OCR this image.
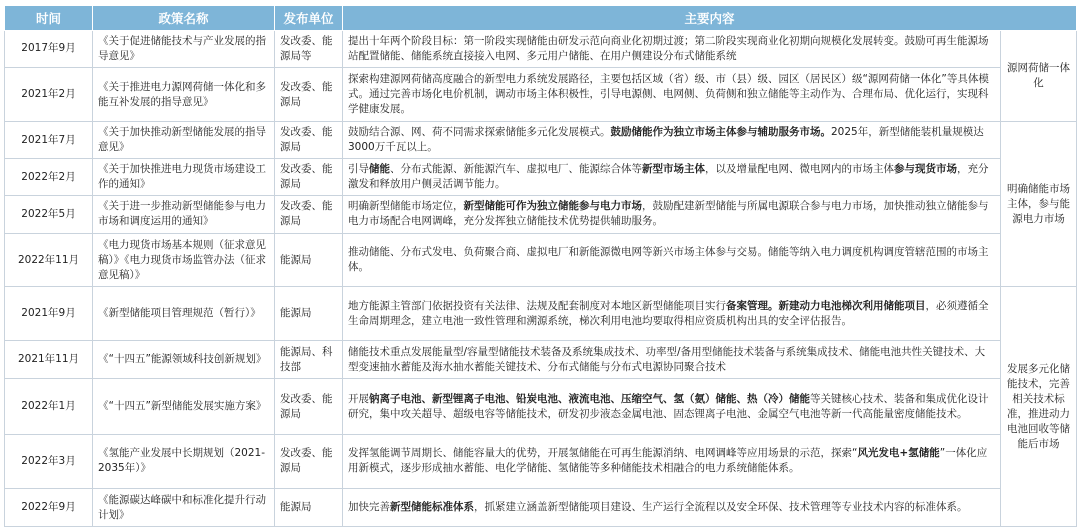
时间	政策名称	发布单位	主要内容	
2017年9月	《关于促进储能技术与产业发展的指导意见》	发改委、能源局等	提出十年两个阶段目标：第一阶段实现储能由研发示范向商业化初期过渡；第二阶段实现商业化初期向规模化发展转变。鼓励可再生能源场站配置储能、储能系统直接接入电网、多元用户储能、在用户侧建设分布式储能系统	源网荷储一体化
2021年2月	《关于推进电力源网荷储一体化和多能互补发展的指导意见》	发改委、能源局	探索构建源网荷储高度融合的新型电力系统发展路径，主要包括区域（省）级、市（县）级、园区（居民区）级“源网荷储一体化”等具体模式。通过完善市场化电价机制，调动市场主体积极性，引导电源侧、电网侧、负荷侧和独立储能等主动作为、合理布局、优化运行，实现科学健康发展。	
2021年7月	《关于加快推动新型储能发展的指导意见》	发改委、能源局	鼓励结合源、网、荷不同需求探索储能多元化发展模式。鼓励储能作为独立市场主体参与辅助服务市场。2025年，新型储能装机量规模达3000万千瓦以上。	明确储能市场主体，参与能源电力市场
2022年2月	《关于加快推进电力现货市场建设工作的通知》	发改委、能源局	引导储能、分布式能源、新能源汽车、虚拟电厂、能源综合体等新型市场主体，以及增量配电网、微电网内的市场主体参与现货市场，充分激发和释放用户侧灵活调节能力。	
2022年5月	《关于进一步推动新型储能参与电力市场和调度运用的通知》	发改委、能源局	明确新型储能市场定位，新型储能可作为独立储能参与电力市场，鼓励配建新型储能与所属电源联合参与电力市场，加快推动独立储能参与电力市场配合电网调峰，充分发挥独立储能技术优势提供辅助服务。	
2022年11月	《电力现货市场基本规则（征求意见稿）》《电力现货市场监管办法（征求意见稿）》	能源局	推动储能、分布式发电、负荷聚合商、虚拟电厂和新能源微电网等新兴市场主体参与交易。储能等纳入电力调度机构调度管辖范围的市场主体。	
2021年9月	《新型储能项目管理规范（暂行）》	能源局	地方能源主管部门依据投资有关法律、法规及配套制度对本地区新型储能项目实行备案管理。新建动力电池梯次利用储能项目，必须遵循全生命周期理念，建立电池一致性管理和溯源系统，梯次利用电池均要取得相应资质机构出具的安全评估报告。	发展多元化储能技术，完善相关技术标准，推进动力电池回收等储能后市场
2021年11月	《“十四五”能源领域科技创新规划》	能源局、科技部	储能技术重点发展能量型/容量型储能技术装备及系统集成技术、功率型/备用型储能技术装备与系统集成技术、储能电池共性关键技术、大型变速抽水蓄能及海水抽水蓄能关键技术、分布式储能与分布式电源协同聚合技术	
2022年1月	《“十四五”新型储能发展实施方案》	发改委、能源局	开展钠离子电池、新型锂离子电池、铅炭电池、液流电池、压缩空气、氢（氨）储能、热（冷）储能等关键核心技术、装备和集成优化设计研究，集中攻关超导、超级电容等储能技术，研发初步液态金属电池、固态锂离子电池、金属空气电池等新一代高能量密度储能技术。	
2022年3月	《氢能产业发展中长期规划（2021-2035年）》	发改委、能源局	发挥氢能调节周期长、储能容量大的优势，开展氢储能在可再生能源消纳、电网调峰等应用场景的示范，探索“风光发电+氢储能”一体化应用新模式，逐步形成抽水蓄能、电化学储能、氢储能等多种储能技术相融合的电力系统储能体系。	
2022年9月	《能源碳达峰碳中和标准化提升行动计划》	能源局	加快完善新型储能标准体系，抓紧建立涵盖新型储能项目建设、生产运行全流程以及安全环保、技术管理等专业技术内容的标准体系。	
